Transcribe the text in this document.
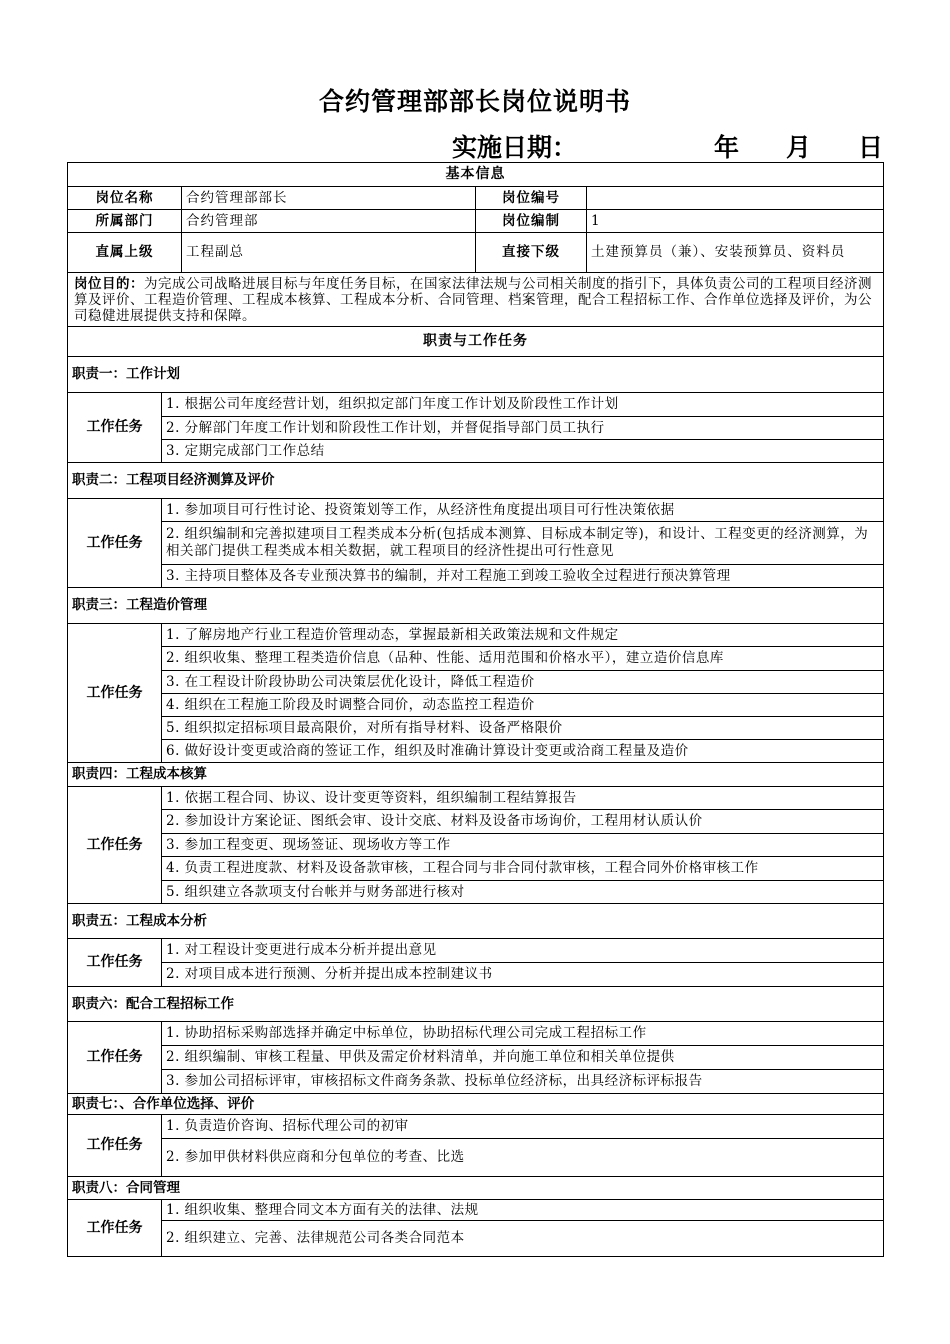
合约管理部部长岗位说明书
实施日期：	年 月 日
基本信息				
岗位名称		合约管理部部长	岗位编号	
所属部门		合约管理部	岗位编制	1
直属上级		工程副总	直接下级	土建预算员（兼）、安装预算员、资料员
岗位目的：为完成公司战略进展目标与年度任务目标，在国家法律法规与公司相关制度的指引下，具体负责公司的工程项目经济测算及评价、工程造价管理、工程成本核算、工程成本分析、合同管理、档案管理，配合工程招标工作、合作单位选择及评价，为公司稳健进展提供支持和保障。				
职责与工作任务				
职责一：工作计划				
工作任务	1. 根据公司年度经营计划，组织拟定部门年度工作计划及阶段性工作计划			
	2. 分解部门年度工作计划和阶段性工作计划，并督促指导部门员工执行			
	3. 定期完成部门工作总结			
职责二：工程项目经济测算及评价				
工作任务	1. 参加项目可行性讨论、投资策划等工作，从经济性角度提出项目可行性决策依据			
	2. 组织编制和完善拟建项目工程类成本分析(包括成本测算、目标成本制定等)，和设计、工程变更的经济测算，为相关部门提供工程类成本相关数据，就工程项目的经济性提出可行性意见			
	3. 主持项目整体及各专业预决算书的编制，并对工程施工到竣工验收全过程进行预决算管理			
职责三：工程造价管理				
工作任务	1. 了解房地产行业工程造价管理动态，掌握最新相关政策法规和文件规定			
	2. 组织收集、整理工程类造价信息（品种、性能、适用范围和价格水平），建立造价信息库			
	3. 在工程设计阶段协助公司决策层优化设计，降低工程造价			
	4. 组织在工程施工阶段及时调整合同价，动态监控工程造价			
	5. 组织拟定招标项目最高限价，对所有指导材料、设备严格限价			
	6. 做好设计变更或洽商的签证工作，组织及时准确计算设计变更或洽商工程量及造价			
职责四：工程成本核算				
工作任务	1. 依据工程合同、协议、设计变更等资料，组织编制工程结算报告			
	2. 参加设计方案论证、图纸会审、设计交底、材料及设备市场询价，工程用材认质认价			
	3. 参加工程变更、现场签证、现场收方等工作			
	4. 负责工程进度款、材料及设备款审核，工程合同与非合同付款审核，工程合同外价格审核工作			
	5. 组织建立各款项支付台帐并与财务部进行核对			
职责五：工程成本分析				
工作任务	1. 对工程设计变更进行成本分析并提出意见			
	2. 对项目成本进行预测、分析并提出成本控制建议书			
职责六：配合工程招标工作				
工作任务	1. 协助招标采购部选择并确定中标单位，协助招标代理公司完成工程招标工作			
	2. 组织编制、审核工程量、甲供及需定价材料清单，并向施工单位和相关单位提供			
	3. 参加公司招标评审，审核招标文件商务条款、投标单位经济标，出具经济标评标报告			
职责七：、合作单位选择、评价				
工作任务	1. 负责造价咨询、招标代理公司的初审			
	2. 参加甲供材料供应商和分包单位的考查、比选			
职责八：合同管理				
工作任务	1. 组织收集、整理合同文本方面有关的法律、法规			
	2. 组织建立、完善、法律规范公司各类合同范本			
